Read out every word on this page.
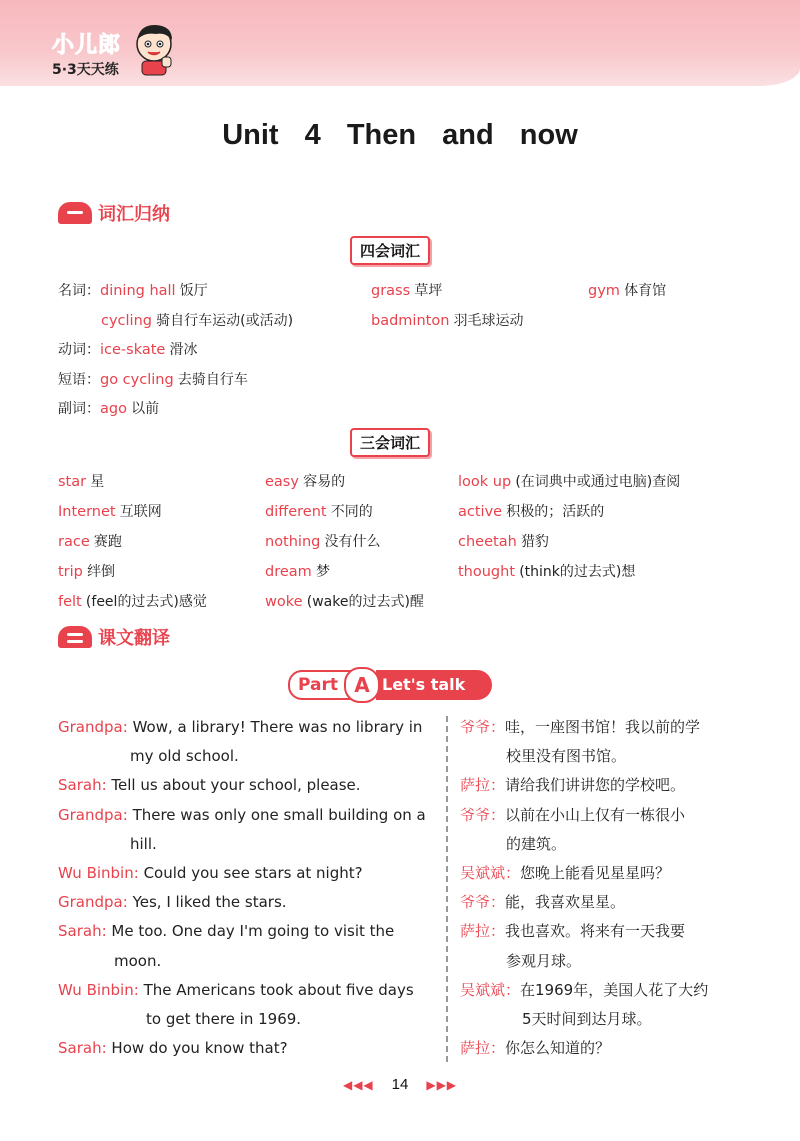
小儿郎
5·3天天练
Unit 4 Then and now
词汇归纳
四会词汇
名词：dining hall 饭厅	grass 草坪	gym 体育馆
cycling 骑自行车运动(或活动)	badminton 羽毛球运动
动词：ice-skate 滑冰
短语：go cycling 去骑自行车
副词：ago 以前
三会词汇
star 星	easy 容易的	look up (在词典中或通过电脑)查阅
Internet 互联网	different 不同的	active 积极的；活跃的
race 赛跑	nothing 没有什么	cheetah 猎豹
trip 绊倒	dream 梦	thought (think的过去式)想
felt (feel的过去式)感觉	woke (wake的过去式)醒
课文翻译
Part	Let's talk
A
Grandpa: Wow, a library! There was no library in
my old school.
Sarah: Tell us about your school, please.
Grandpa: There was only one small building on a
hill.
Wu Binbin: Could you see stars at night?
Grandpa: Yes, I liked the stars.
Sarah: Me too. One day I'm going to visit the
moon.
Wu Binbin: The Americans took about five days
to get there in 1969.
Sarah: How do you know that?
爷爷：哇，一座图书馆！我以前的学
校里没有图书馆。
萨拉：请给我们讲讲您的学校吧。
爷爷：以前在小山上仅有一栋很小
的建筑。
吴斌斌：您晚上能看见星星吗？
爷爷：能，我喜欢星星。
萨拉：我也喜欢。将来有一天我要
参观月球。
吴斌斌：在1969年，美国人花了大约
5天时间到达月球。
萨拉：你怎么知道的？
◀◀◀ 14 ▶▶▶
